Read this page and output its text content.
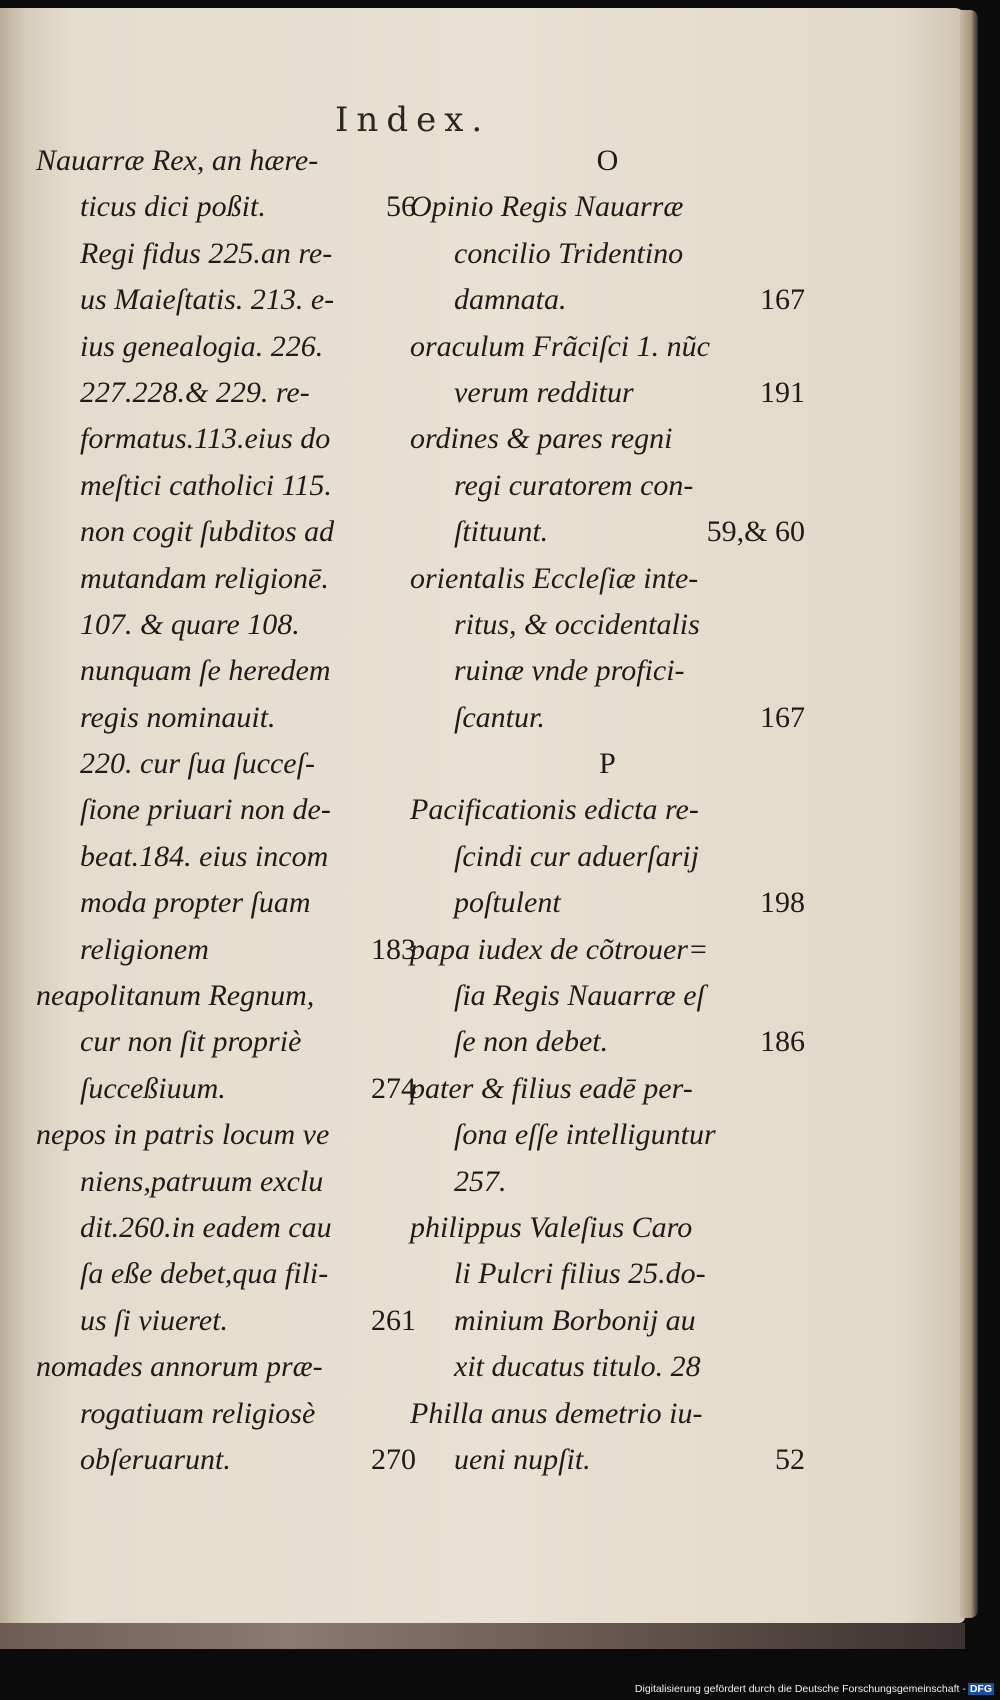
Index.
Nauarræ Rex, an hære-
ticus dici poßit.	56
Regi fidus 225.an re-
us Maieſtatis. 213. e-
ius genealogia. 226.
227.228.& 229. re-
formatus.113.eius do
meſtici catholici 115.
non cogit ſubditos ad
mutandam religionē.
107. & quare 108.
nunquam ſe heredem
regis nominauit.
220. cur ſua ſucceſ-
ſione priuari non de-
beat.184. eius incom
moda propter ſuam
religionem	183
neapolitanum Regnum,
cur non ſit propriè
ſucceßiuum.	274
nepos in patris locum ve
niens,patruum exclu
dit.260.in eadem cau
ſa eße debet,qua fili-
us ſi viueret.	261
nomades annorum præ-
rogatiuam religiosè
obſeruarunt.	270
O
Opinio Regis Nauarræ
concilio Tridentino
damnata.	167
oraculum Frãciſci 1. nũc
verum redditur	191
ordines & pares regni
regi curatorem con-
ſtituunt.	59,& 60
orientalis Eccleſiæ inte-
ritus, & occidentalis
ruinæ vnde profici-
ſcantur.	167
P
Pacificationis edicta re-
ſcindi cur aduerſarij
poſtulent	198
papa iudex de cõtrouer=
ſia Regis Nauarræ eſ
ſe non debet.	186
pater & filius eadē per-
ſona eſſe intelliguntur
257.
philippus Valeſius Caro
li Pulcri filius 25.do-
minium Borbonij au
xit ducatus titulo. 28
Philla anus demetrio iu-
ueni nupſit.	52
Digitalisierung gefördert durch die Deutsche Forschungsgemeinschaft - DFG
